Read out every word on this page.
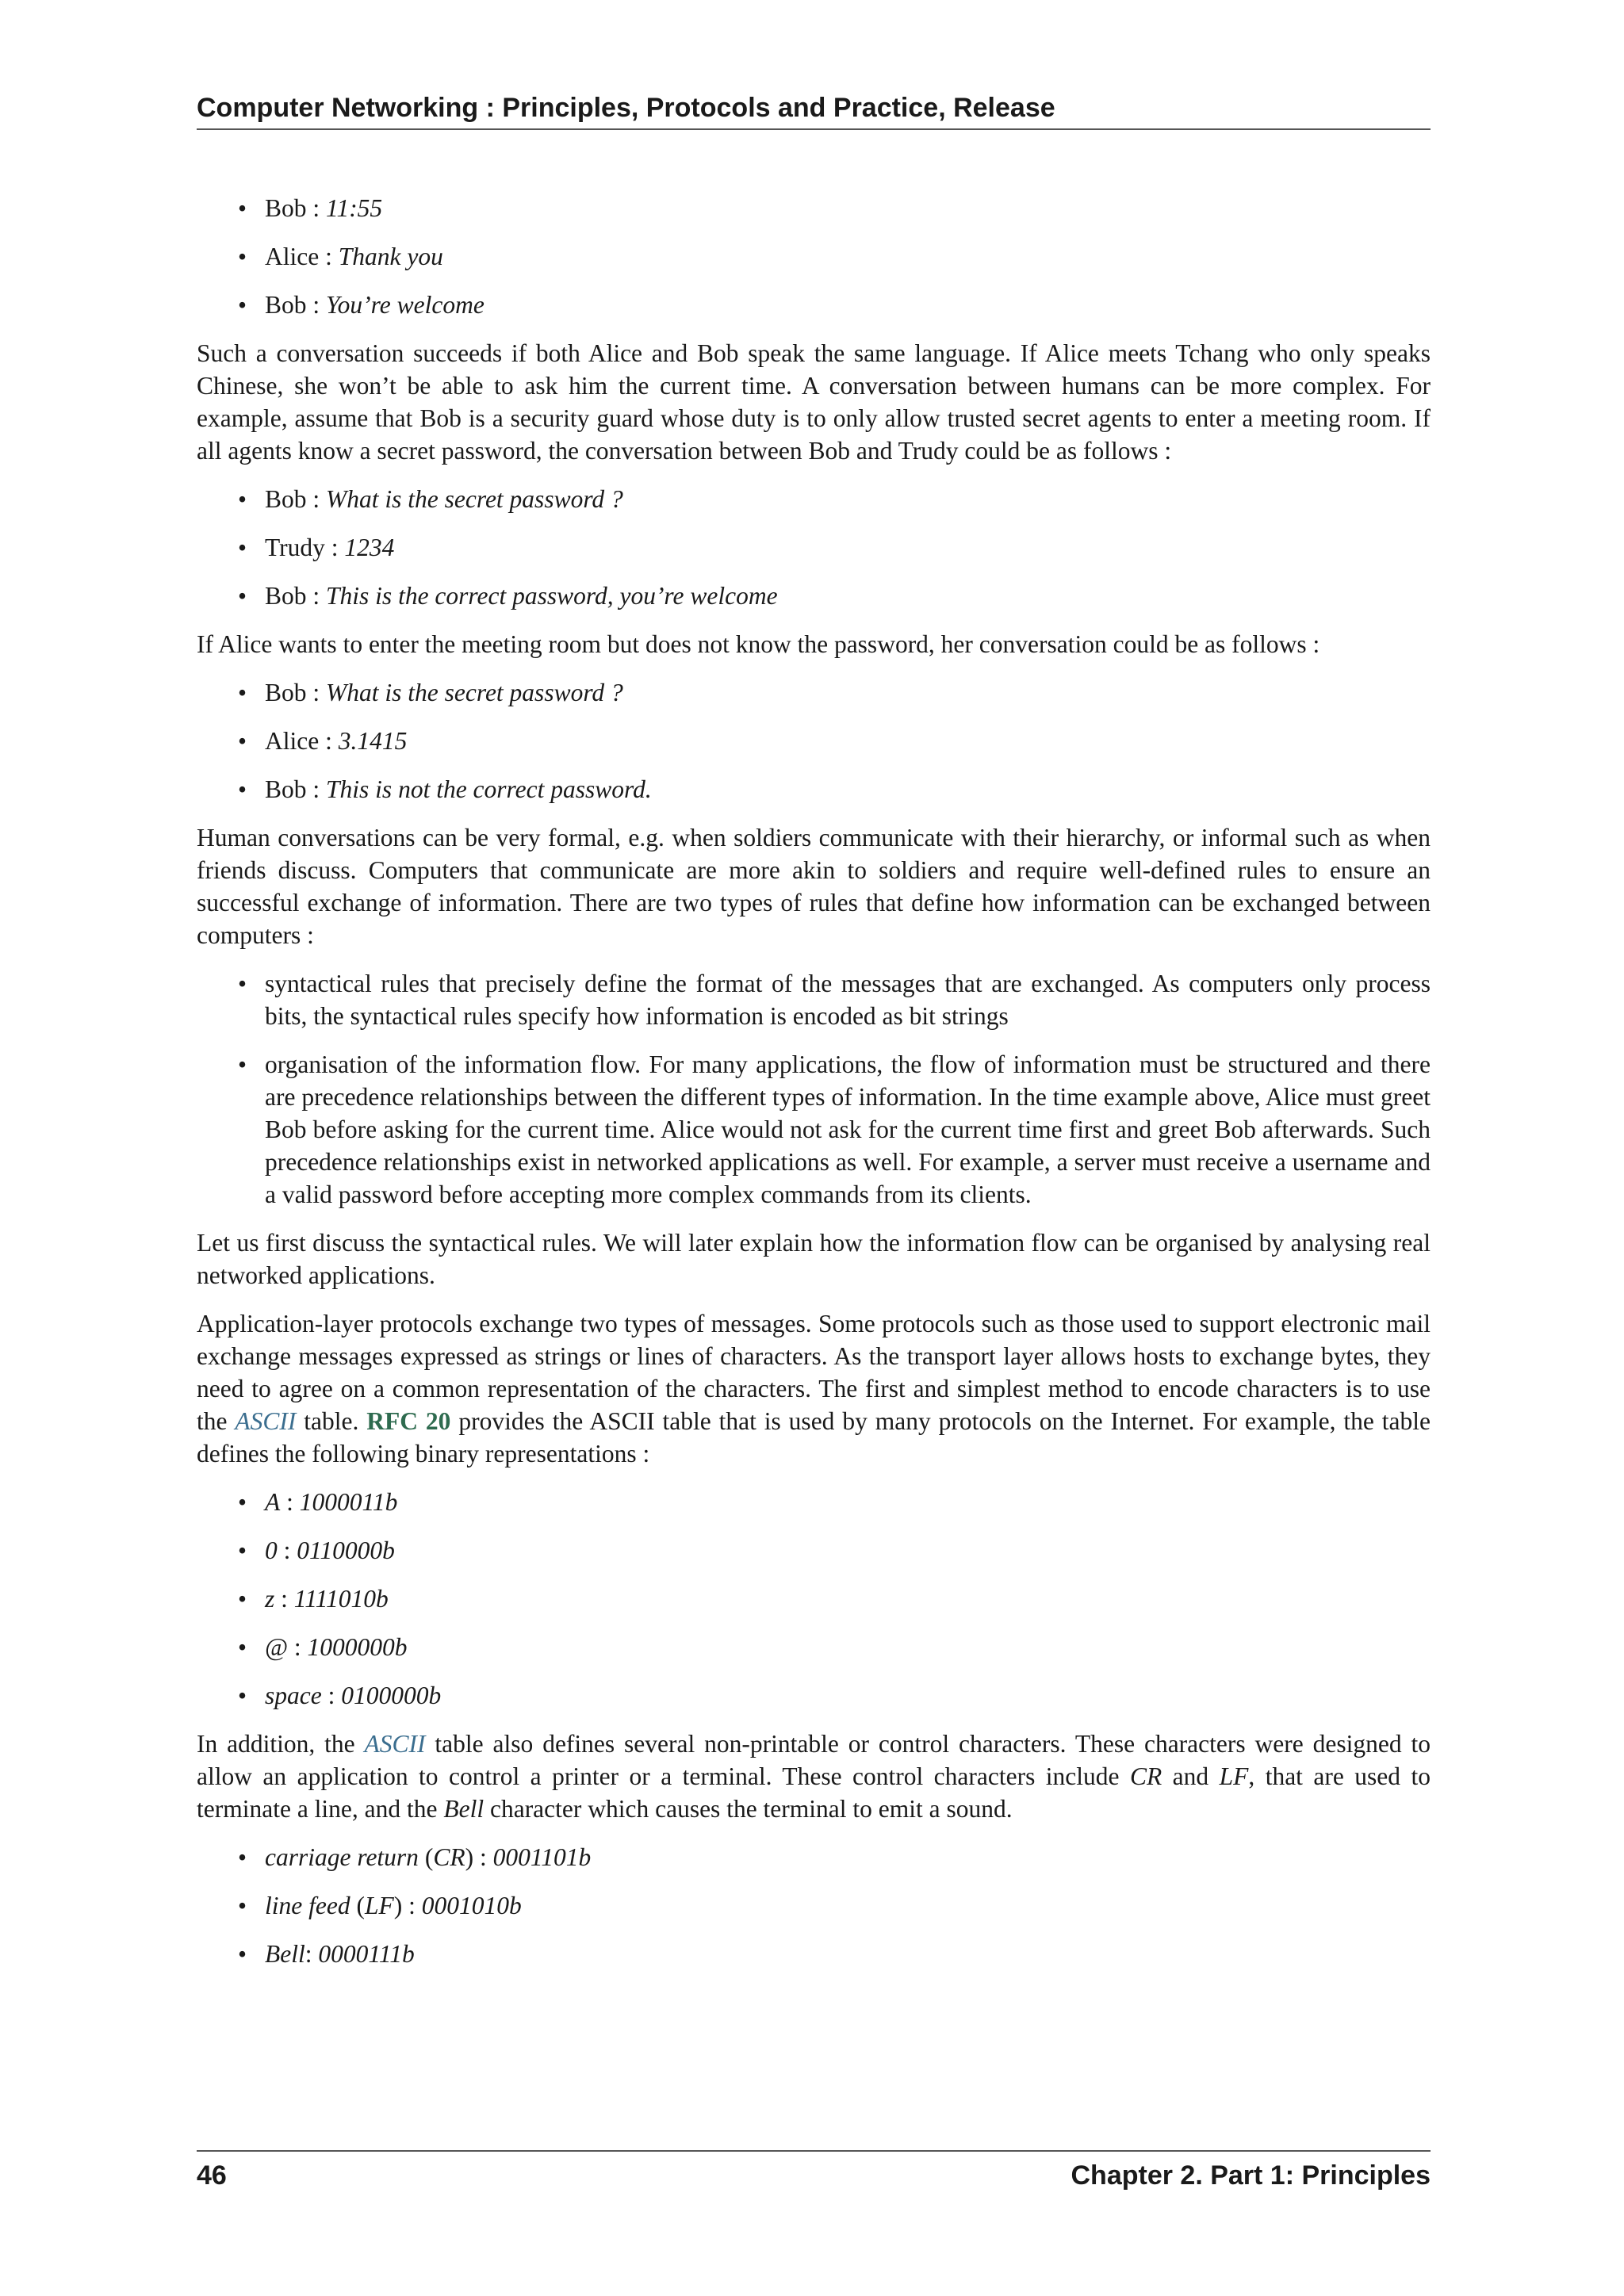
Computer Networking : Principles, Protocols and Practice, Release
• Bob : 11:55
• Alice : Thank you
• Bob : You’re welcome

Such a conversation succeeds if both Alice and Bob speak the same language. If Alice meets Tchang who only speaks Chinese, she won’t be able to ask him the current time. A conversation between humans can be more complex. For example, assume that Bob is a security guard whose duty is to only allow trusted secret agents to enter a meeting room. If all agents know a secret password, the conversation between Bob and Trudy could be as follows :

• Bob : What is the secret password ?
• Trudy : 1234
• Bob : This is the correct password, you’re welcome

If Alice wants to enter the meeting room but does not know the password, her conversation could be as follows :

• Bob : What is the secret password ?
• Alice : 3.1415
• Bob : This is not the correct password.

Human conversations can be very formal, e.g. when soldiers communicate with their hierarchy, or informal such as when friends discuss. Computers that communicate are more akin to soldiers and require well-defined rules to ensure an successful exchange of information. There are two types of rules that define how information can be exchanged between computers :

• syntactical rules that precisely define the format of the messages that are exchanged. As computers only process bits, the syntactical rules specify how information is encoded as bit strings
• organisation of the information flow. For many applications, the flow of information must be structured and there are precedence relationships between the different types of information. In the time example above, Alice must greet Bob before asking for the current time. Alice would not ask for the current time first and greet Bob afterwards. Such precedence relationships exist in networked applications as well. For example, a server must receive a username and a valid password before accepting more complex commands from its clients.

Let us first discuss the syntactical rules. We will later explain how the information flow can be organised by analysing real networked applications.

Application-layer protocols exchange two types of messages. Some protocols such as those used to support electronic mail exchange messages expressed as strings or lines of characters. As the transport layer allows hosts to exchange bytes, they need to agree on a common representation of the characters. The first and simplest method to encode characters is to use the ASCII table. RFC 20 provides the ASCII table that is used by many protocols on the Internet. For example, the table defines the following binary representations :

• A : 1000011b
• 0 : 0110000b
• z : 1111010b
• @ : 1000000b
• space : 0100000b

In addition, the ASCII table also defines several non-printable or control characters. These characters were designed to allow an application to control a printer or a terminal. These control characters include CR and LF, that are used to terminate a line, and the Bell character which causes the terminal to emit a sound.

• carriage return (CR) : 0001101b
• line feed (LF) : 0001010b
• Bell: 0000111b
46	Chapter 2. Part 1: Principles
